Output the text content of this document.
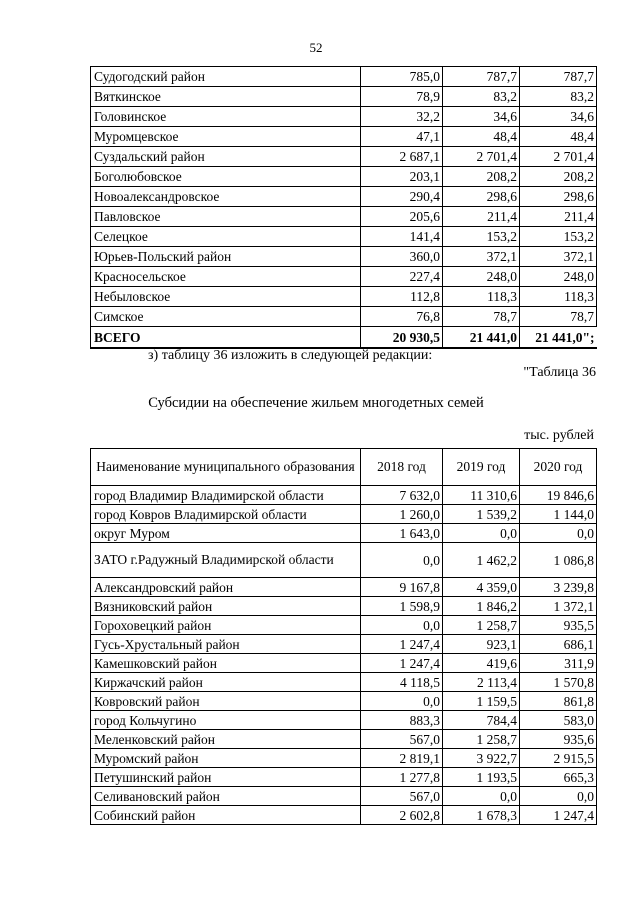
52
Судогодский район	785,0	787,7	787,7
Вяткинское	78,9	83,2	83,2
Головинское	32,2	34,6	34,6
Муромцевское	47,1	48,4	48,4
Суздальский район	2 687,1	2 701,4	2 701,4
Боголюбовское	203,1	208,2	208,2
Новоалександровское	290,4	298,6	298,6
Павловское	205,6	211,4	211,4
Селецкое	141,4	153,2	153,2
Юрьев-Польский район	360,0	372,1	372,1
Красносельское	227,4	248,0	248,0
Небыловское	112,8	118,3	118,3
Симское	76,8	78,7	78,7
ВСЕГО	20 930,5	21 441,0	21 441,0";
з) таблицу 36 изложить в следующей редакции:
"Таблица 36
Субсидии на обеспечение жильем многодетных семей
тыс. рублей
Наименование муниципального образования	2018 год	2019 год	2020 год
город Владимир Владимирской области	7 632,0	11 310,6	19 846,6
город Ковров Владимирской области	1 260,0	1 539,2	1 144,0
округ Муром	1 643,0	0,0	0,0
ЗАТО г.Радужный Владимирской области	0,0	1 462,2	1 086,8
Александровский район	9 167,8	4 359,0	3 239,8
Вязниковский район	1 598,9	1 846,2	1 372,1
Гороховецкий район	0,0	1 258,7	935,5
Гусь-Хрустальный район	1 247,4	923,1	686,1
Камешковский район	1 247,4	419,6	311,9
Киржачский район	4 118,5	2 113,4	1 570,8
Ковровский район	0,0	1 159,5	861,8
город Кольчугино	883,3	784,4	583,0
Меленковский район	567,0	1 258,7	935,6
Муромский район	2 819,1	3 922,7	2 915,5
Петушинский район	1 277,8	1 193,5	665,3
Селивановский район	567,0	0,0	0,0
Собинский район	2 602,8	1 678,3	1 247,4
